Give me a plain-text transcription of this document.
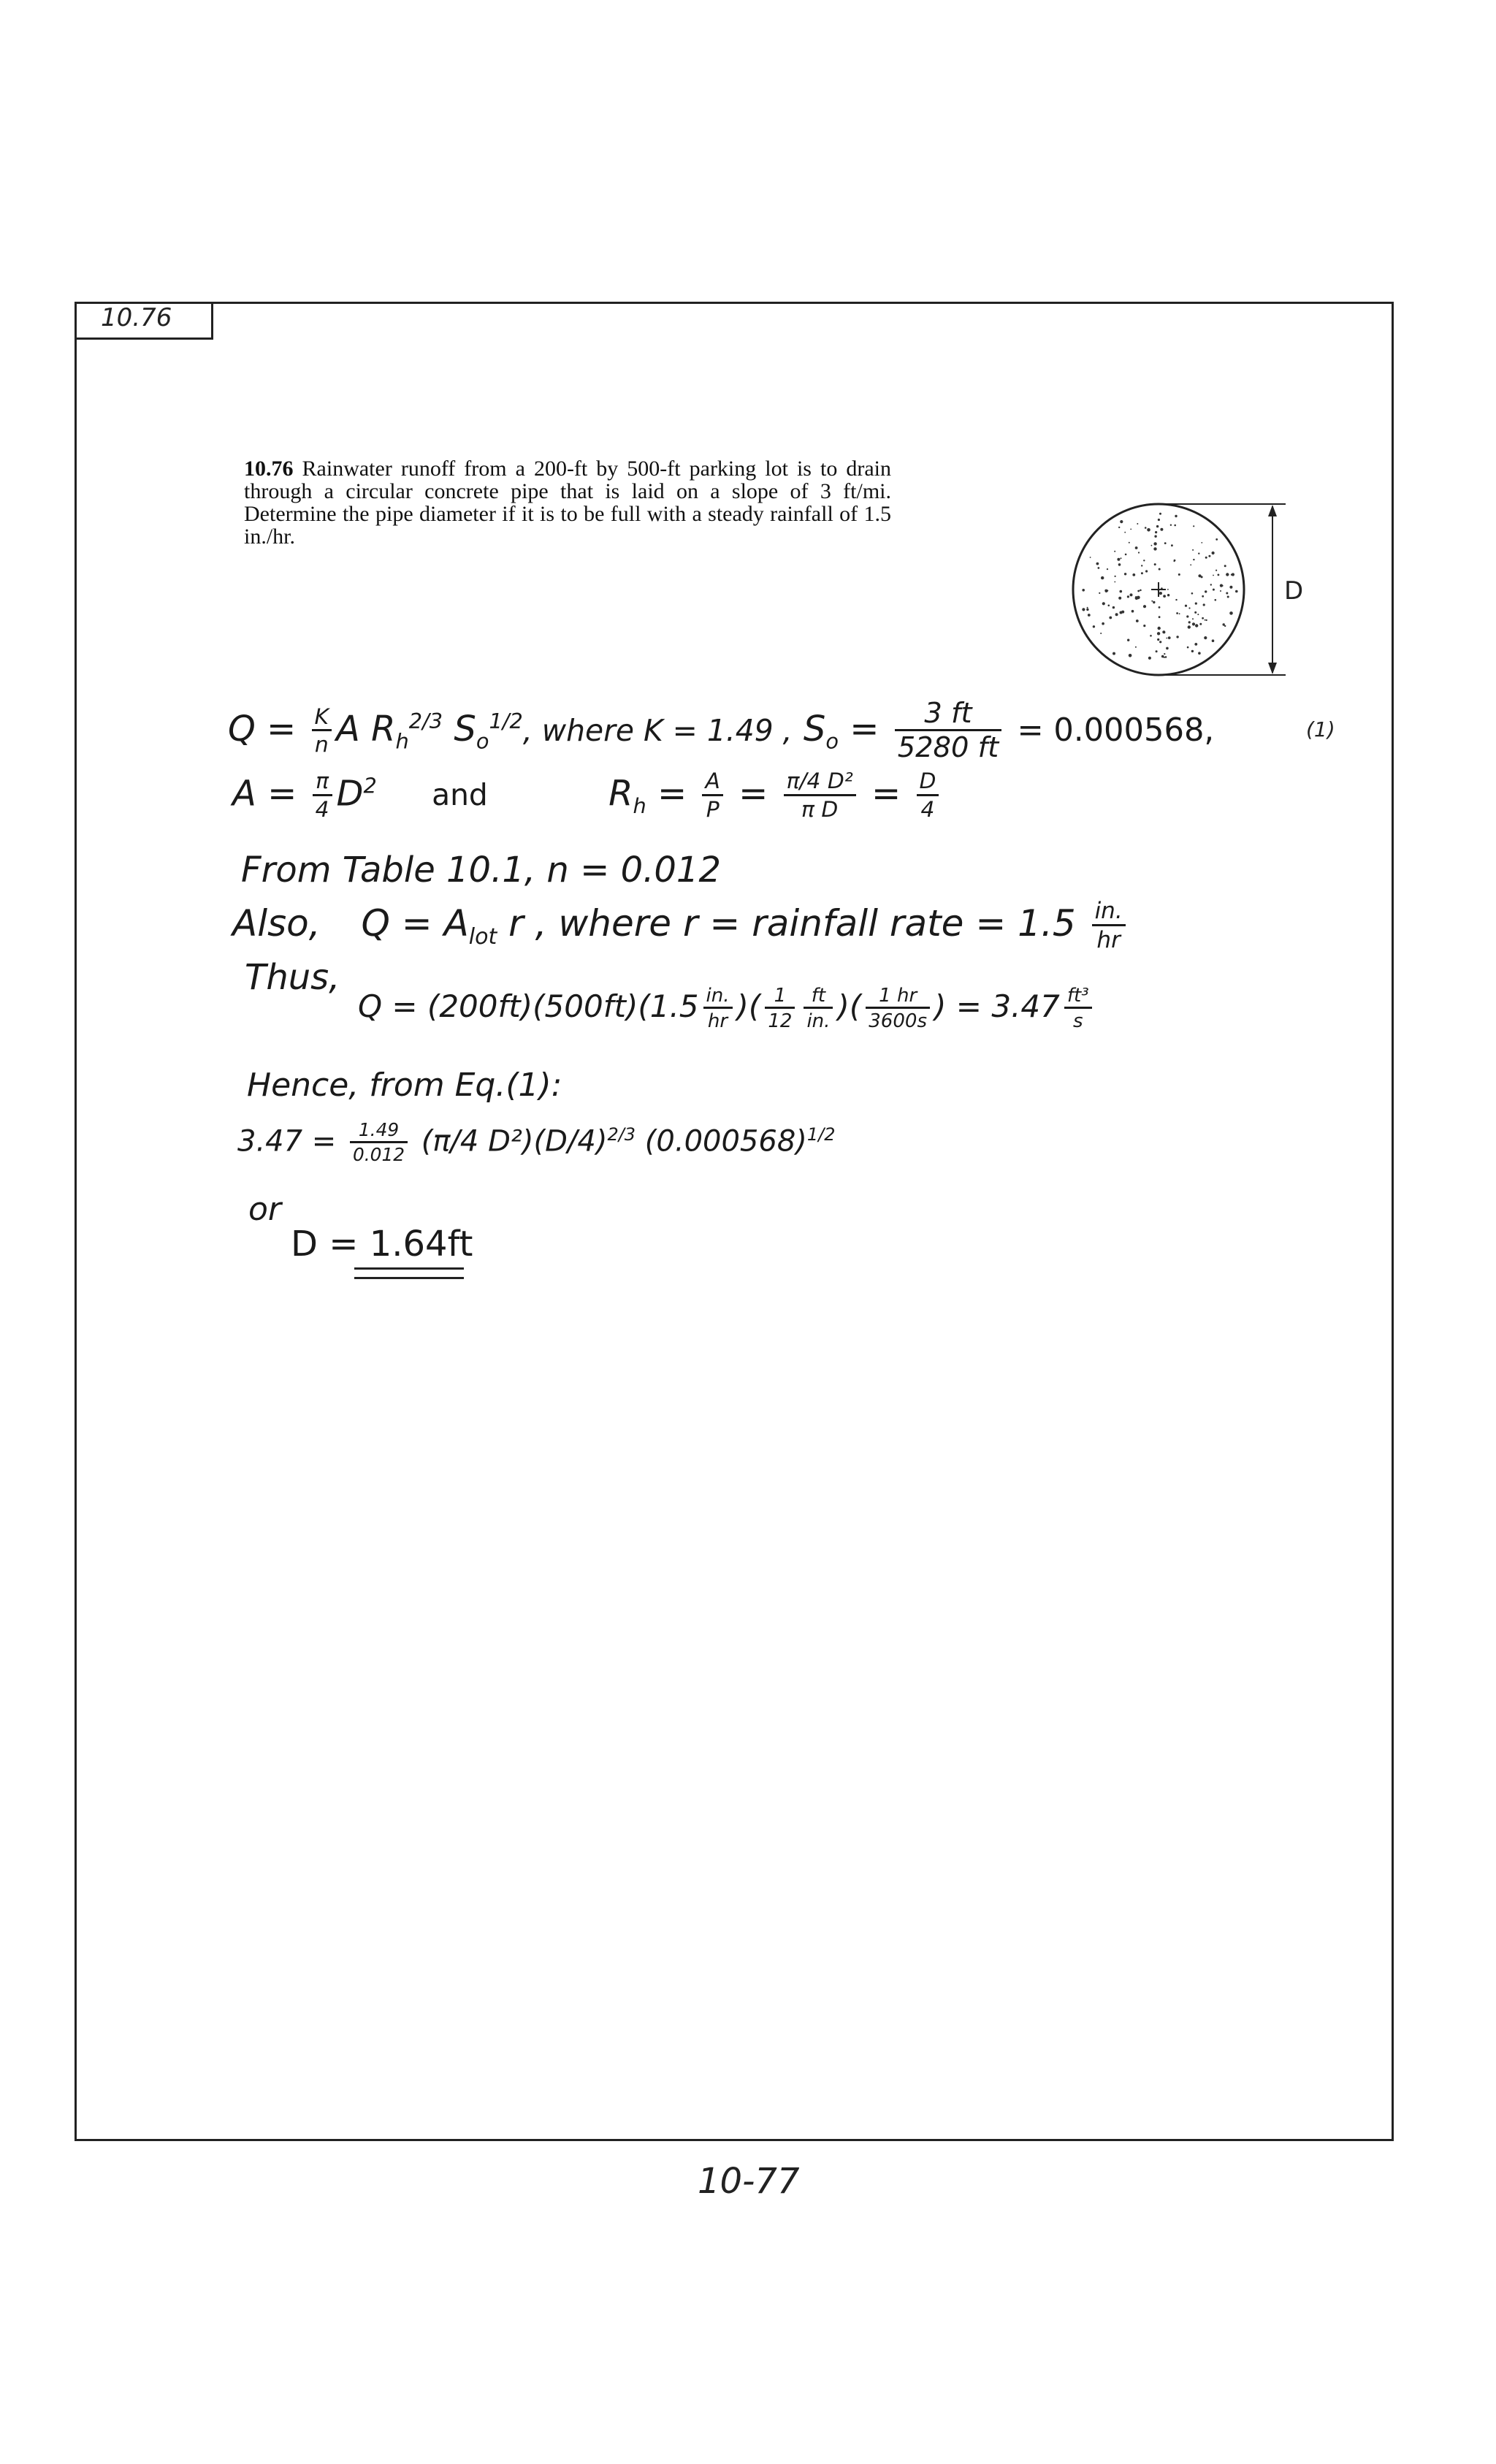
10.76
10.76 Rainwater runoff from a 200-ft by 500-ft parking lot is to drain through a circular concrete pipe that is laid on a slope of 3 ft/mi. Determine the pipe diameter if it is to be full with a steady rainfall of 1.5 in./hr.
D
$Q = \frac{K}{n}$ A $R_h^{2/3}$ $S_o^{1/2}$, where K = 1.49 , $S_o = \frac{3 ft}{5280 ft} = 0.000568$,	(1)
$A = \frac{\pi}{4} D^2$ and	$R_h = \frac{A}{P} = \frac{\text{π/4 D²}}{\text{π D}} = \frac{D}{4}$
From Table 10.1, n = 0.012
Also, $Q = A_{lot}$ r , where r = rainfall rate = $1.5 \frac{in.}{hr}$
Thus,
$Q = (200ft)(500ft)(1.5 \frac{in.}{hr}$ )( $\frac{1}{12} \frac{ft}{in.}$ )( $\frac{1 hr}{3600s}$ ) = $3.47 \frac{\text{ft³}}{s}$
Hence, from Eq.(1):
$3.47 = \frac{1.49}{0.012} (\pi/4$ $D^2)(D/4)^{2/3}$ $(0.000568)^{1/2}$
or
D = 1.64ft
10-77
